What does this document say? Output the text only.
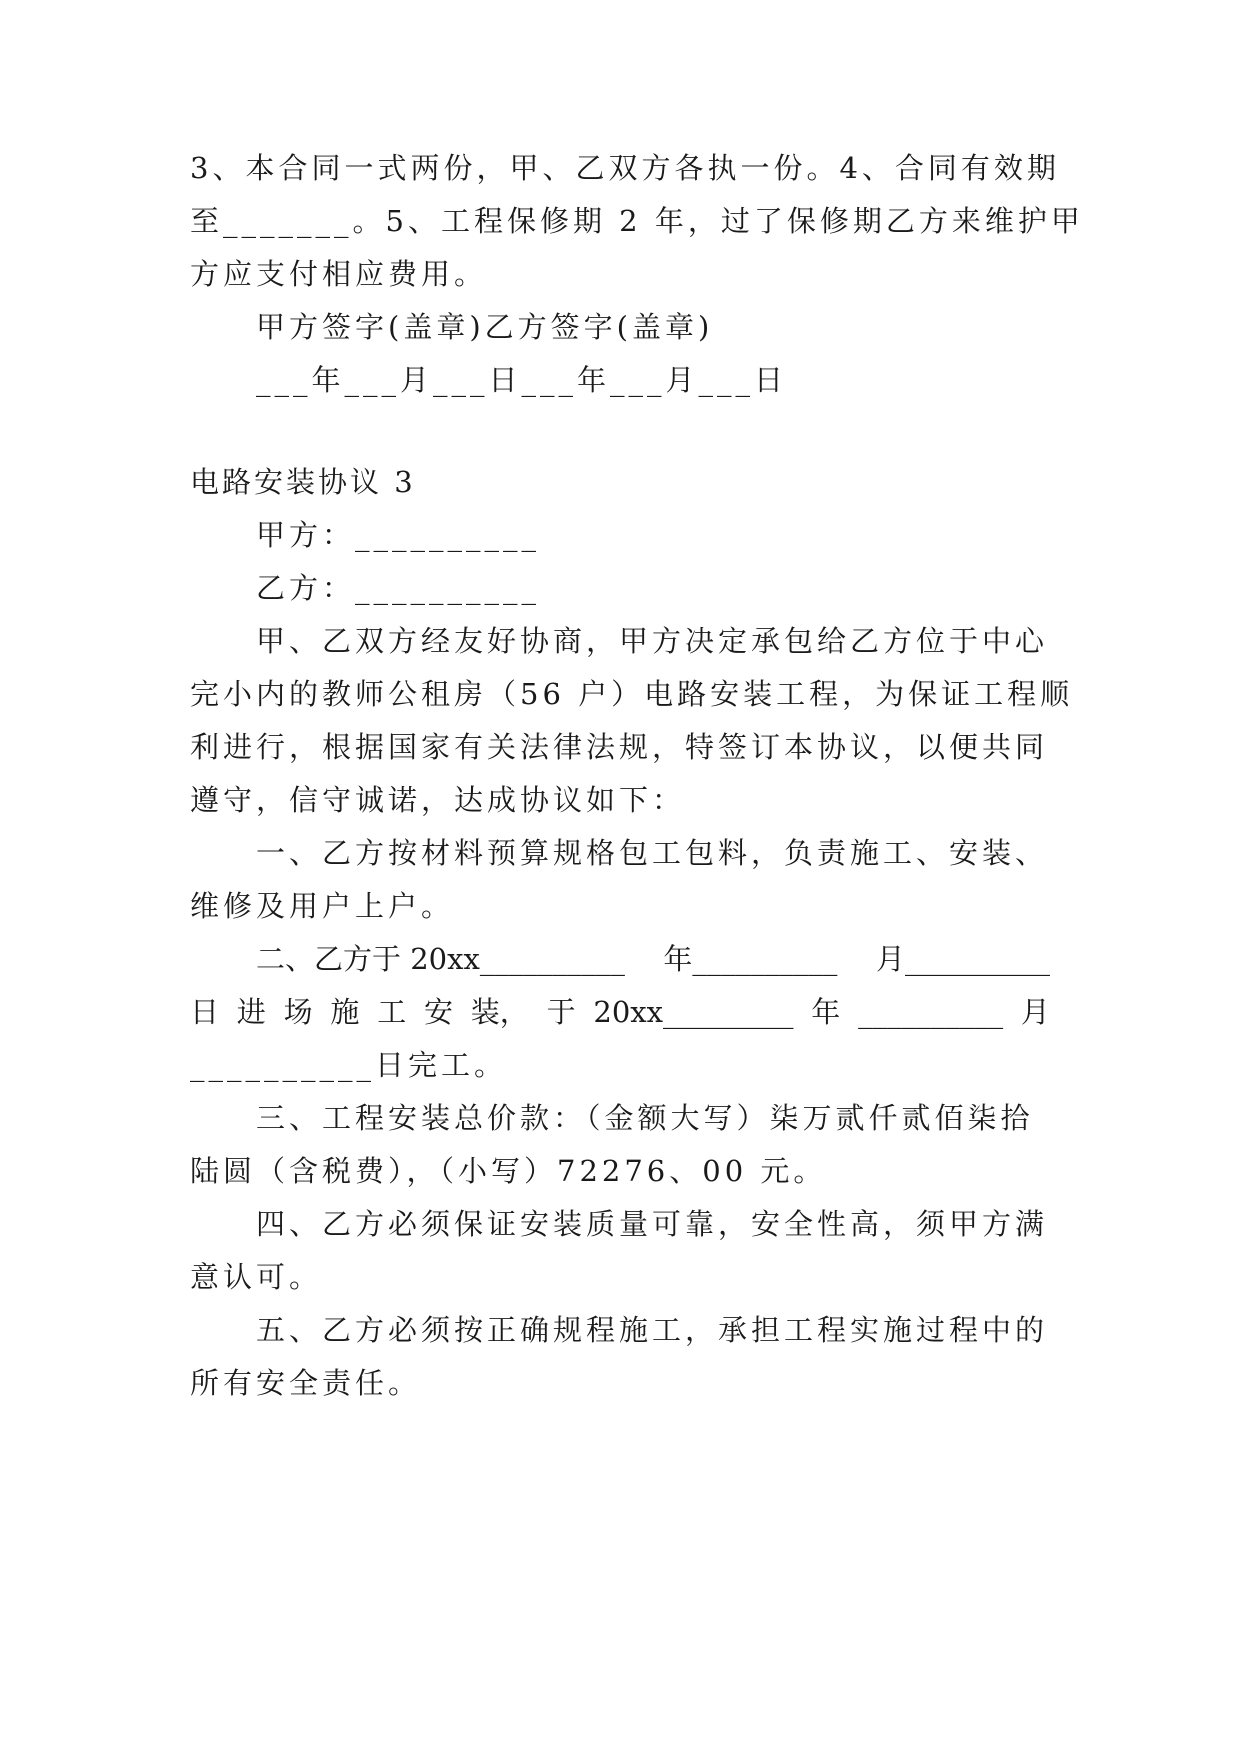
3、本合同一式两份，甲、乙双方各执一份。4、合同有效期
至_______。5、工程保修期 2 年，过了保修期乙方来维护甲
方应支付相应费用。
甲方签字(盖章)乙方签字(盖章)
___年___月___日___年___月___日
电路安装协议 3
甲方：__________
乙方：__________
甲、乙双方经友好协商，甲方决定承包给乙方位于中心
完小内的教师公租房（56 户）电路安装工程，为保证工程顺
利进行，根据国家有关法律法规，特签订本协议，以便共同
遵守，信守诚诺，达成协议如下：
一、乙方按材料预算规格包工包料，负责施工、安装、
维修及用户上户。
二、乙方于 20xx__________ 年__________ 月__________
日 进 场 施 工 安 装， 于 20xx_________ 年 __________ 月
__________日完工。
三、工程安装总价款：（金额大写）柒万贰仟贰佰柒拾
陆圆（含税费），（小写）72276、00 元。
四、乙方必须保证安装质量可靠，安全性高，须甲方满
意认可。
五、乙方必须按正确规程施工，承担工程实施过程中的
所有安全责任。
